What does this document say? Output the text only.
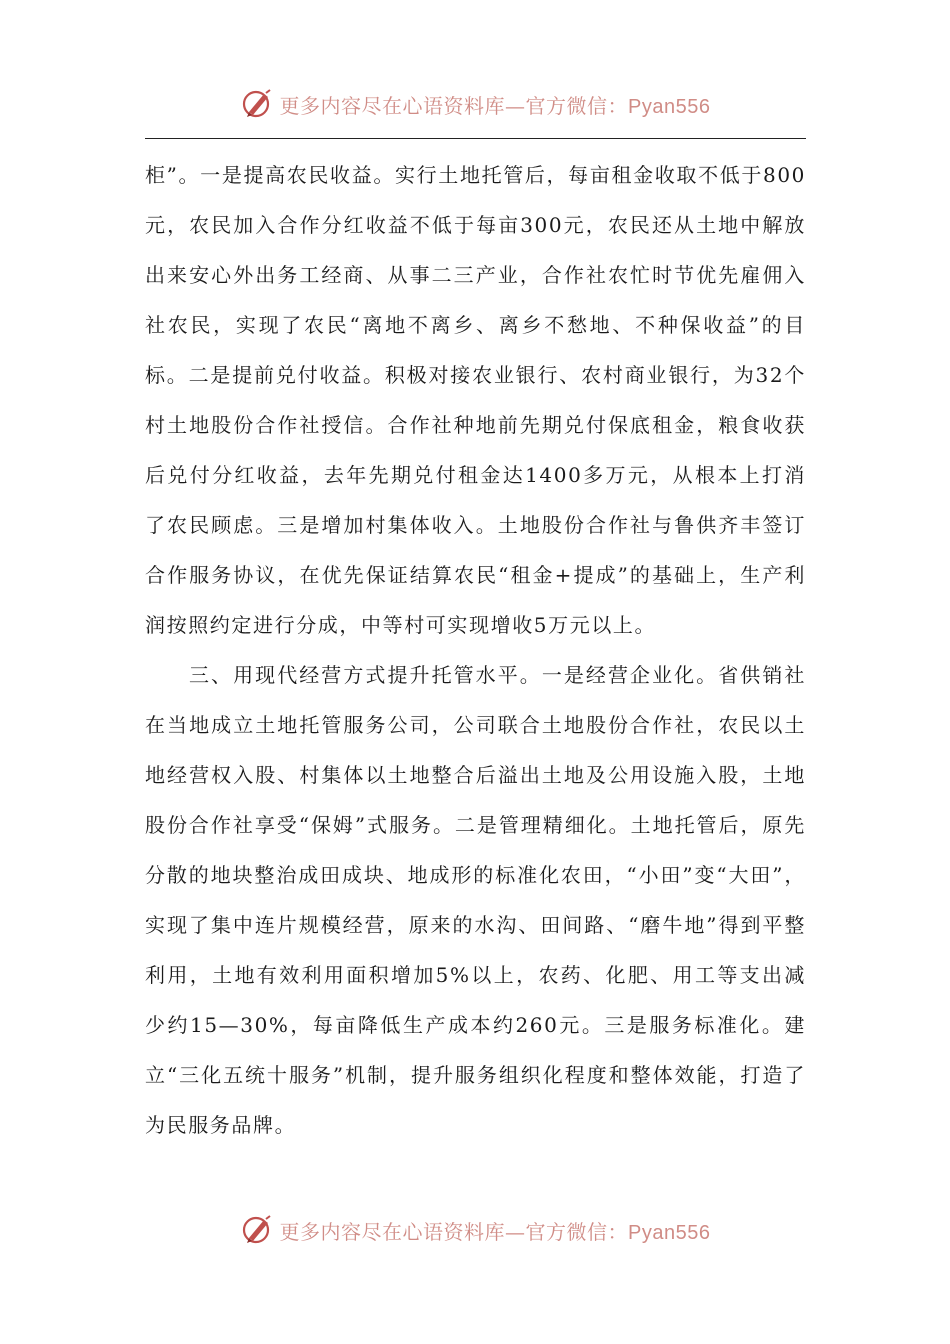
更多内容尽在心语资料库—官方微信：Pyan556

柜”。一是提高农民收益。实行土地托管后，每亩租金收取不低于800元，农民加入合作分红收益不低于每亩300元，农民还从土地中解放出来安心外出务工经商、从事二三产业，合作社农忙时节优先雇佣入社农民，实现了农民“离地不离乡、离乡不愁地、不种保收益”的目标。二是提前兑付收益。积极对接农业银行、农村商业银行，为32个村土地股份合作社授信。合作社种地前先期兑付保底租金，粮食收获后兑付分红收益，去年先期兑付租金达1400多万元，从根本上打消了农民顾虑。三是增加村集体收入。土地股份合作社与鲁供齐丰签订合作服务协议，在优先保证结算农民“租金+提成”的基础上，生产利润按照约定进行分成，中等村可实现增收5万元以上。

三、用现代经营方式提升托管水平。一是经营企业化。省供销社在当地成立土地托管服务公司，公司联合土地股份合作社，农民以土地经营权入股、村集体以土地整合后溢出土地及公用设施入股，土地股份合作社享受“保姆”式服务。二是管理精细化。土地托管后，原先分散的地块整治成田成块、地成形的标准化农田，“小田”变“大田”，实现了集中连片规模经营，原来的水沟、田间路、“磨牛地”得到平整利用，土地有效利用面积增加5%以上，农药、化肥、用工等支出减少约15—30%，每亩降低生产成本约260元。三是服务标准化。建立“三化五统十服务”机制，提升服务组织化程度和整体效能，打造了为民服务品牌。

更多内容尽在心语资料库—官方微信：Pyan556
